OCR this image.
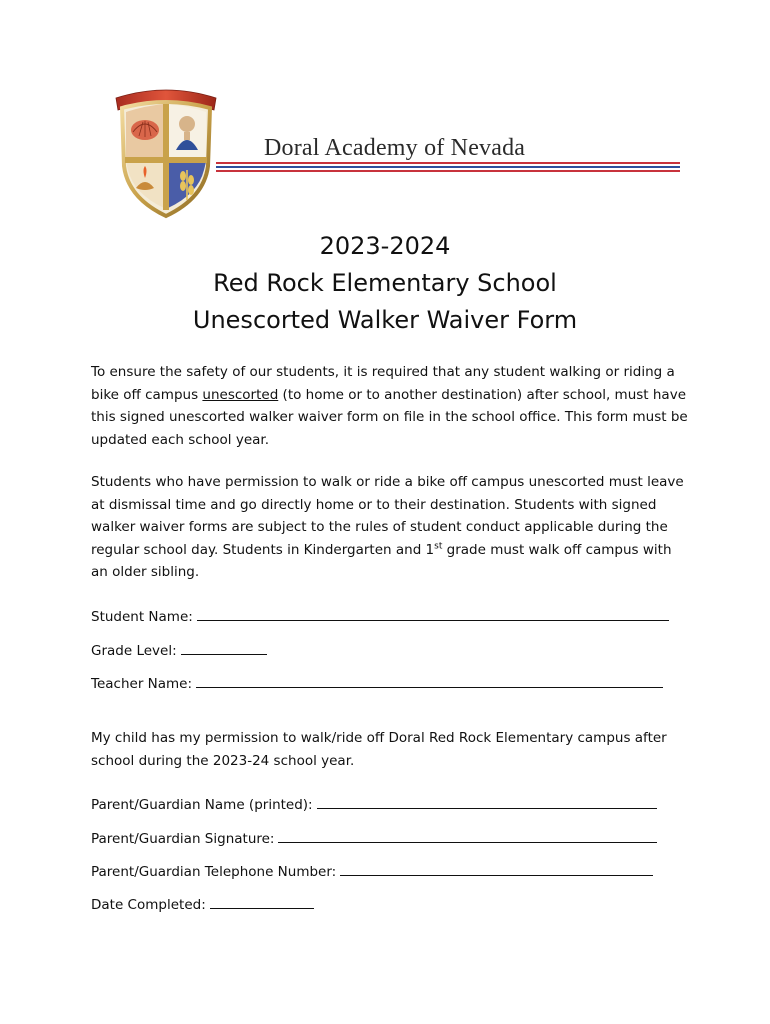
Doral Academy of Nevada
2023-2024
Red Rock Elementary School
Unescorted Walker Waiver Form
To ensure the safety of our students, it is required that any student walking or riding a bike off campus unescorted (to home or to another destination) after school, must have this signed unescorted walker waiver form on file in the school office. This form must be updated each school year.
Students who have permission to walk or ride a bike off campus unescorted must leave at dismissal time and go directly home or to their destination. Students with signed walker waiver forms are subject to the rules of student conduct applicable during the regular school day. Students in Kindergarten and 1st grade must walk off campus with an older sibling.
Student Name:
Grade Level:
Teacher Name:
My child has my permission to walk/ride off Doral Red Rock Elementary campus after school during the 2023-24 school year.
Parent/Guardian Name (printed):
Parent/Guardian Signature:
Parent/Guardian Telephone Number:
Date Completed:
